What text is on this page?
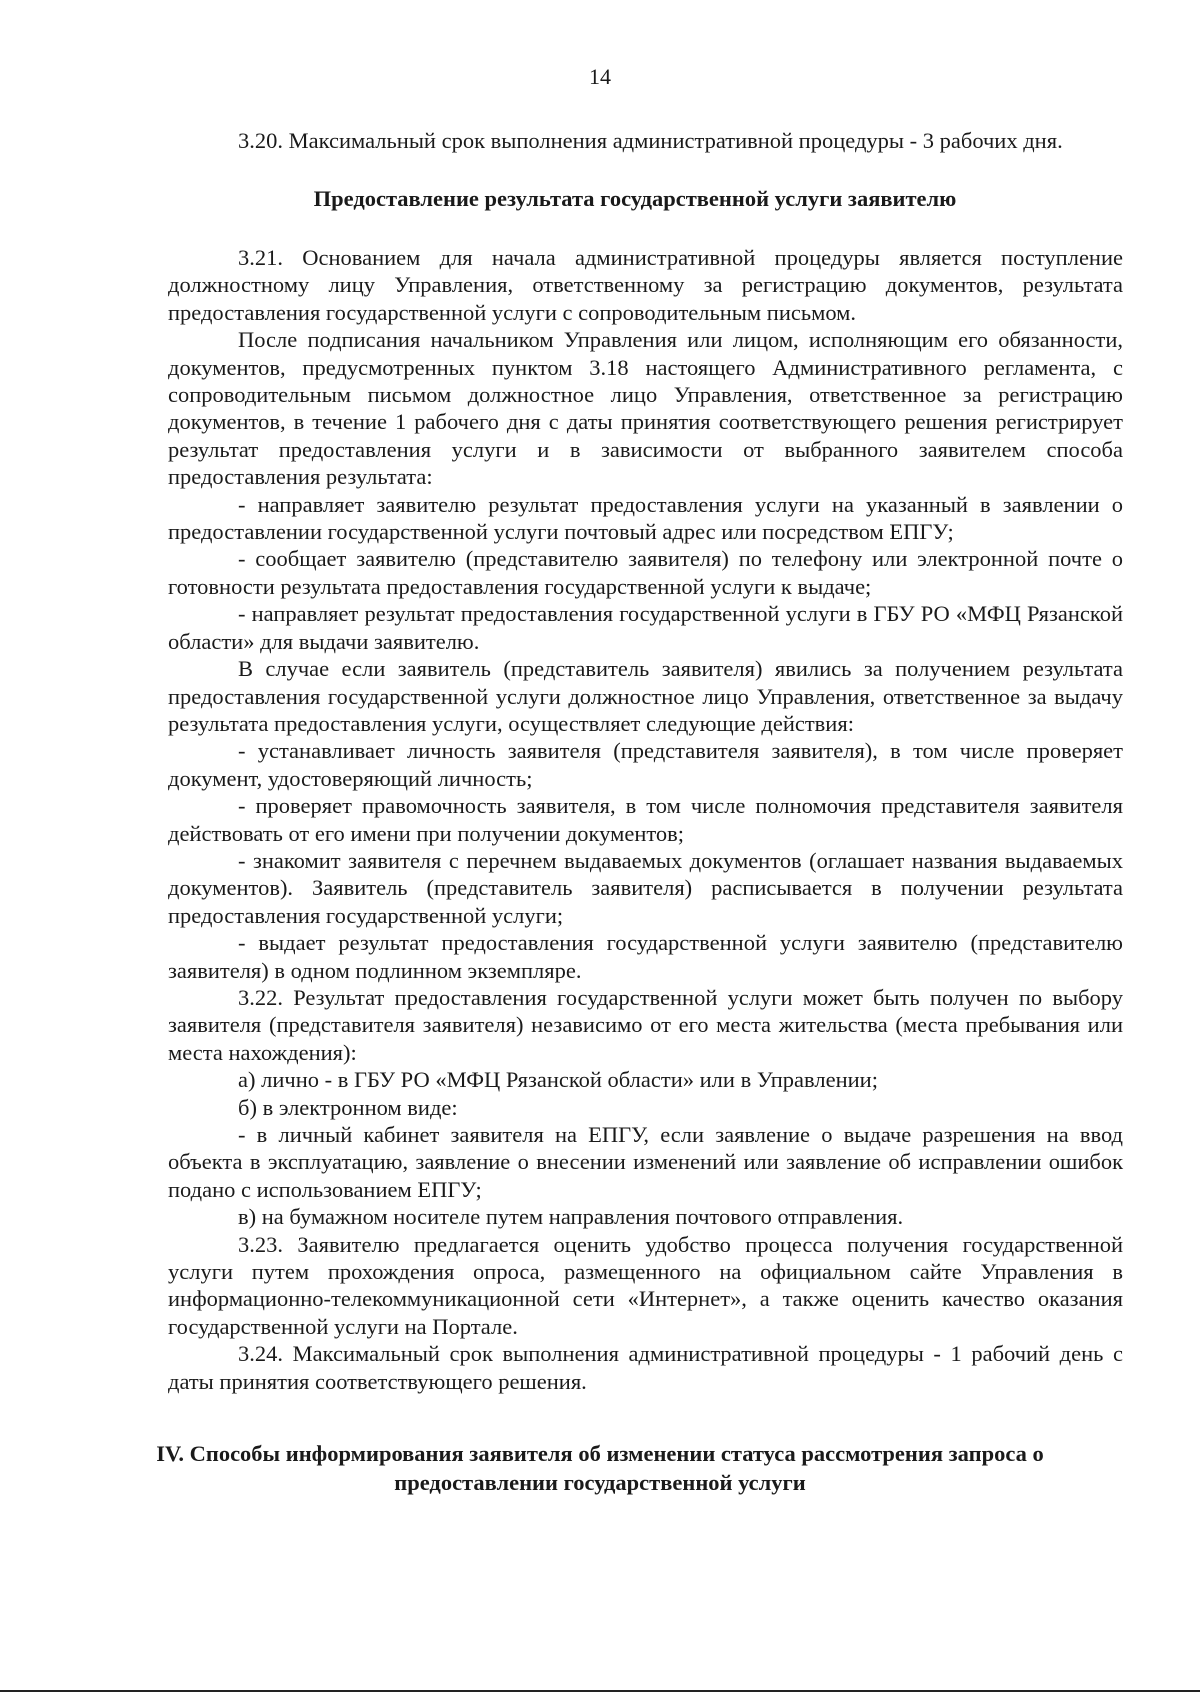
14

3.20. Максимальный срок выполнения административной процедуры - 3 рабочих дня.

Предоставление результата государственной услуги заявителю

3.21. Основанием для начала административной процедуры является поступление должностному лицу Управления, ответственному за регистрацию документов, результата предоставления государственной услуги с сопроводительным письмом.

После подписания начальником Управления или лицом, исполняющим его обязанности, документов, предусмотренных пунктом 3.18 настоящего Административного регламента, с сопроводительным письмом должностное лицо Управления, ответственное за регистрацию документов, в течение 1 рабочего дня с даты принятия соответствующего решения регистрирует результат предоставления услуги и в зависимости от выбранного заявителем способа предоставления результата:

- направляет заявителю результат предоставления услуги на указанный в заявлении о предоставлении государственной услуги почтовый адрес или посредством ЕПГУ;

- сообщает заявителю (представителю заявителя) по телефону или электронной почте о готовности результата предоставления государственной услуги к выдаче;

- направляет результат предоставления государственной услуги в ГБУ РО «МФЦ Рязанской области» для выдачи заявителю.

В случае если заявитель (представитель заявителя) явились за получением результата предоставления государственной услуги должностное лицо Управления, ответственное за выдачу результата предоставления услуги, осуществляет следующие действия:

- устанавливает личность заявителя (представителя заявителя), в том числе проверяет документ, удостоверяющий личность;

- проверяет правомочность заявителя, в том числе полномочия представителя заявителя действовать от его имени при получении документов;

- знакомит заявителя с перечнем выдаваемых документов (оглашает названия выдаваемых документов). Заявитель (представитель заявителя) расписывается в получении результата предоставления государственной услуги;

- выдает результат предоставления государственной услуги заявителю (представителю заявителя) в одном подлинном экземпляре.

3.22. Результат предоставления государственной услуги может быть получен по выбору заявителя (представителя заявителя) независимо от его места жительства (места пребывания или места нахождения):

а) лично - в ГБУ РО «МФЦ Рязанской области» или в Управлении;

б) в электронном виде:

- в личный кабинет заявителя на ЕПГУ, если заявление о выдаче разрешения на ввод объекта в эксплуатацию, заявление о внесении изменений или заявление об исправлении ошибок подано с использованием ЕПГУ;

в) на бумажном носителе путем направления почтового отправления.

3.23. Заявителю предлагается оценить удобство процесса получения государственной услуги путем прохождения опроса, размещенного на официальном сайте Управления в информационно-телекоммуникационной сети «Интернет», а также оценить качество оказания государственной услуги на Портале.

3.24. Максимальный срок выполнения административной процедуры - 1 рабочий день с даты принятия соответствующего решения.

IV. Способы информирования заявителя об изменении статуса рассмотрения запроса о предоставлении государственной услуги
